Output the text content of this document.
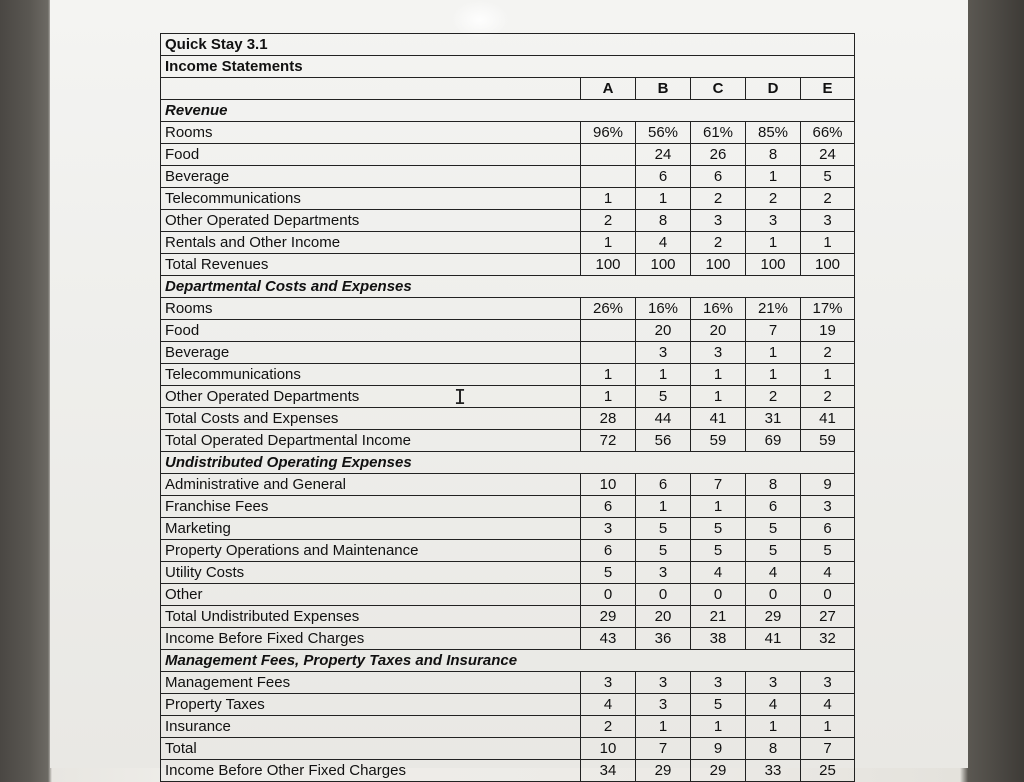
Quick Stay 3.1					
Income Statements					
	A	B	C	D	E
Revenue					
Rooms	96%	56%	61%	85%	66%
Food		24	26	8	24
Beverage		6	6	1	5
Telecommunications	1	1	2	2	2
Other Operated Departments	2	8	3	3	3
Rentals and Other Income	1	4	2	1	1
Total Revenues	100	100	100	100	100
Departmental Costs and Expenses					
Rooms	26%	16%	16%	21%	17%
Food		20	20	7	19
Beverage		3	3	1	2
Telecommunications	1	1	1	1	1
Other Operated Departments	1	5	1	2	2
Total Costs and Expenses	28	44	41	31	41
Total Operated Departmental Income	72	56	59	69	59
Undistributed Operating Expenses					
Administrative and General	10	6	7	8	9
Franchise Fees	6	1	1	6	3
Marketing	3	5	5	5	6
Property Operations and Maintenance	6	5	5	5	5
Utility Costs	5	3	4	4	4
Other	0	0	0	0	0
Total Undistributed Expenses	29	20	21	29	27
Income Before Fixed Charges	43	36	38	41	32
Management Fees, Property Taxes and Insurance					
Management Fees	3	3	3	3	3
Property Taxes	4	3	5	4	4
Insurance	2	1	1	1	1
Total	10	7	9	8	7
Income Before Other Fixed Charges	34	29	29	33	25
I
